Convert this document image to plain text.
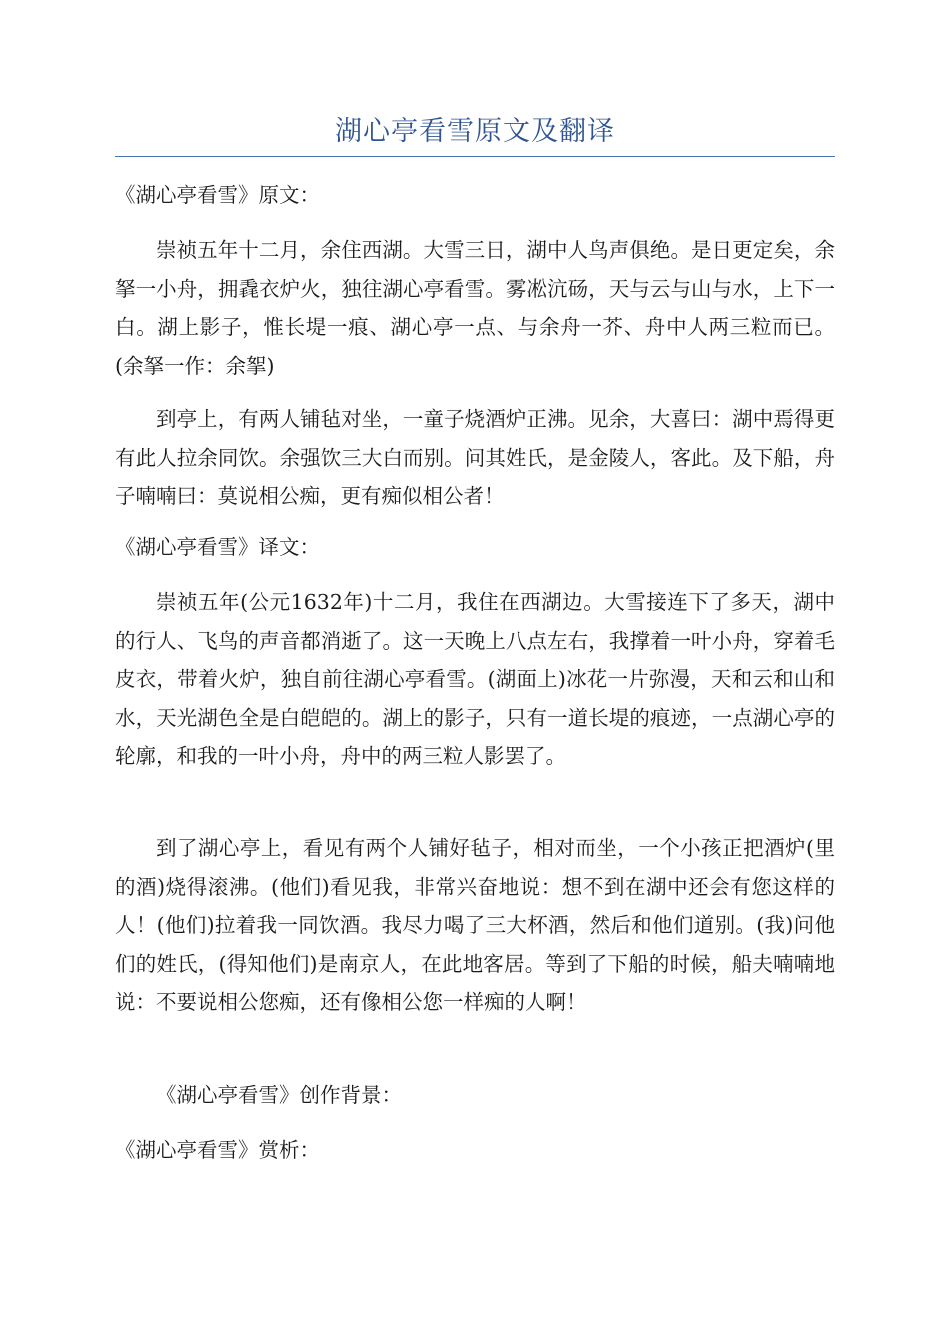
湖心亭看雪原文及翻译

《湖心亭看雪》原文：

崇祯五年十二月，余住西湖。大雪三日，湖中人鸟声俱绝。是日更定矣，余拏一小舟，拥毳衣炉火，独往湖心亭看雪。雾凇沆砀，天与云与山与水，上下一白。湖上影子，惟长堤一痕、湖心亭一点、与余舟一芥、舟中人两三粒而已。(余拏一作：余挐)

到亭上，有两人铺毡对坐，一童子烧酒炉正沸。见余，大喜曰：湖中焉得更有此人拉余同饮。余强饮三大白而别。问其姓氏，是金陵人，客此。及下船，舟子喃喃曰：莫说相公痴，更有痴似相公者！

《湖心亭看雪》译文：

崇祯五年(公元1632年)十二月，我住在西湖边。大雪接连下了多天，湖中的行人、飞鸟的声音都消逝了。这一天晚上八点左右，我撑着一叶小舟，穿着毛皮衣，带着火炉，独自前往湖心亭看雪。(湖面上)冰花一片弥漫，天和云和山和水，天光湖色全是白皑皑的。湖上的影子，只有一道长堤的痕迹，一点湖心亭的轮廓，和我的一叶小舟，舟中的两三粒人影罢了。

到了湖心亭上，看见有两个人铺好毡子，相对而坐，一个小孩正把酒炉(里的酒)烧得滚沸。(他们)看见我，非常兴奋地说：想不到在湖中还会有您这样的人！(他们)拉着我一同饮酒。我尽力喝了三大杯酒，然后和他们道别。(我)问他们的姓氏，(得知他们)是南京人，在此地客居。等到了下船的时候，船夫喃喃地说：不要说相公您痴，还有像相公您一样痴的人啊！

《湖心亭看雪》创作背景：

《湖心亭看雪》赏析：
